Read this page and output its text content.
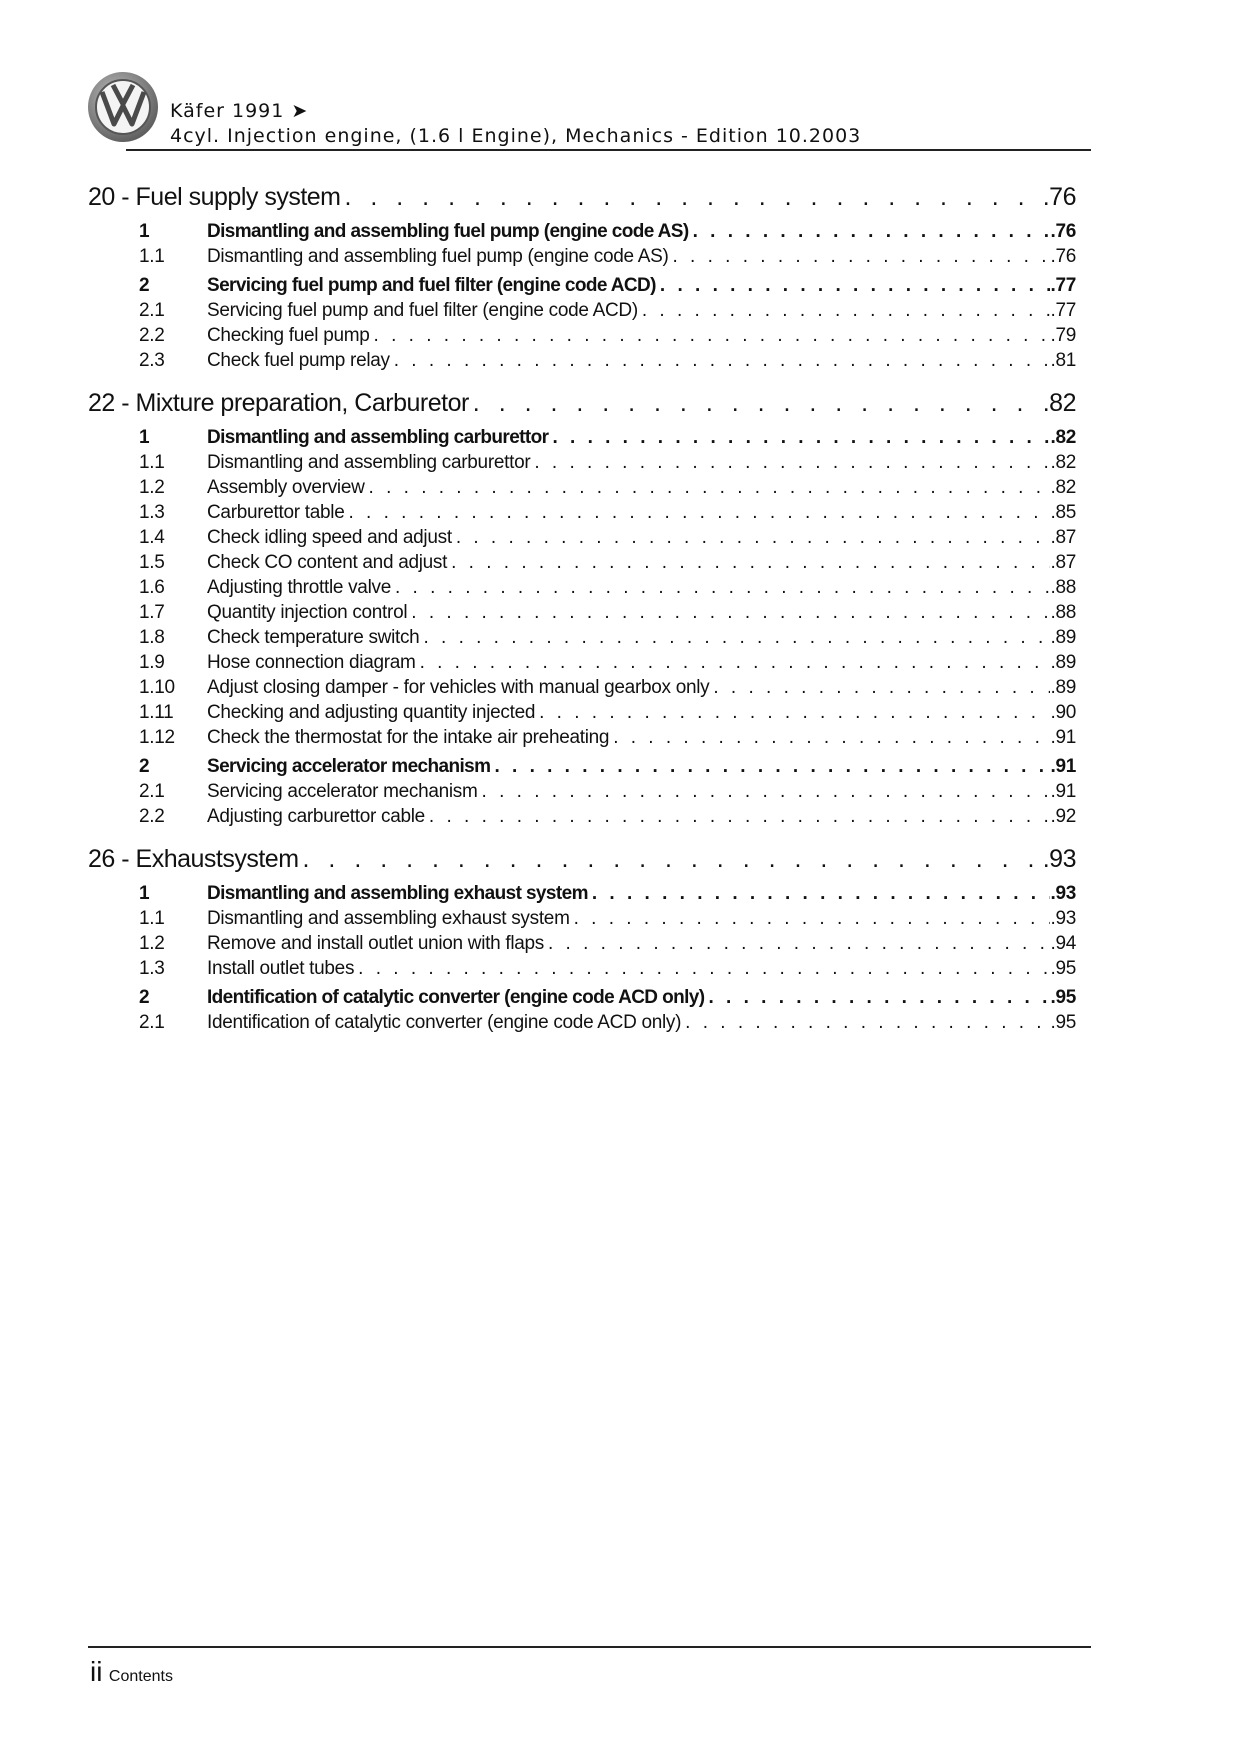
Käfer 1991 ➤
4cyl. Injection engine, (1.6 l Engine), Mechanics - Edition 10.2003
20 - Fuel supply system . . .	.76
1	Dismantling and assembling fuel pump (engine code AS) . . .	.76
1.1	Dismantling and assembling fuel pump (engine code AS) . . .	.76
2	Servicing fuel pump and fuel filter (engine code ACD) . . .	.77
2.1	Servicing fuel pump and fuel filter (engine code ACD) . . .	.77
2.2	Checking fuel pump . . .	.79
2.3	Check fuel pump relay . . .	.81
22 - Mixture preparation, Carburetor . . .	.82
1	Dismantling and assembling carburettor . . .	.82
1.1	Dismantling and assembling carburettor . . .	.82
1.2	Assembly overview . . .	.82
1.3	Carburettor table . . .	.85
1.4	Check idling speed and adjust . . .	.87
1.5	Check CO content and adjust . . .	.87
1.6	Adjusting throttle valve . . .	.88
1.7	Quantity injection control . . .	.88
1.8	Check temperature switch . . .	.89
1.9	Hose connection diagram . . .	.89
1.10	Adjust closing damper - for vehicles with manual gearbox only . . .	.89
1.11	Checking and adjusting quantity injected . . .	.90
1.12	Check the thermostat for the intake air preheating . . .	.91
2	Servicing accelerator mechanism . . .	.91
2.1	Servicing accelerator mechanism . . .	.91
2.2	Adjusting carburettor cable . . .	.92
26 - Exhaustsystem . . .	.93
1	Dismantling and assembling exhaust system . . .	.93
1.1	Dismantling and assembling exhaust system . . .	.93
1.2	Remove and install outlet union with flaps . . .	.94
1.3	Install outlet tubes . . .	.95
2	Identification of catalytic converter (engine code ACD only) . . .	.95
2.1	Identification of catalytic converter (engine code ACD only) . . .	.95
ii Contents
